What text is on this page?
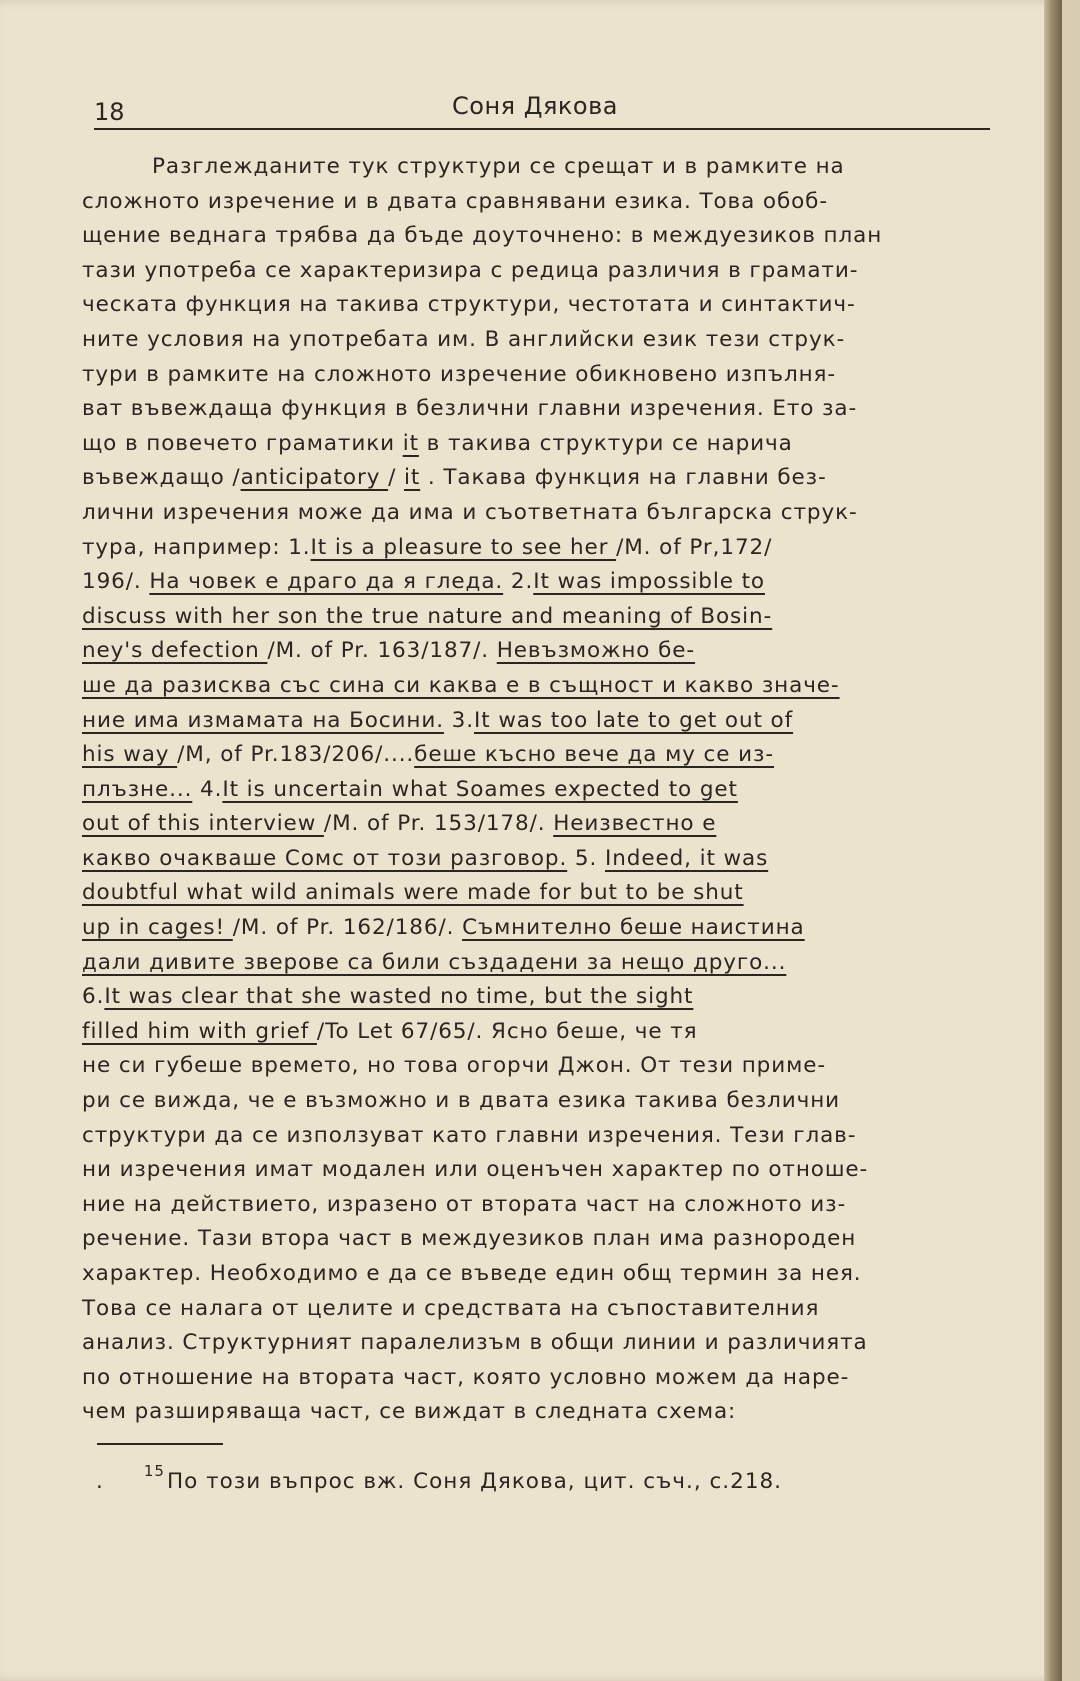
18	Соня Дякова
Разглежданите тук структури се срещат и в рамките на
сложното изречение и в двата сравнявани езика. Това обоб-
щение веднага трябва да бъде доуточнено: в междуезиков план
тази употреба се характеризира с редица различия в грамати-
ческата функция на такива структури, честотата и синтактич-
ните условия на употребата им. В английски език тези струк-
тури в рамките на сложното изречение обикновено изпълня-
ват въвеждаща функция в безлични главни изречения. Ето за-
що в повечето граматики it в такива структури се нарича
въвеждащо /anticipatory / it . Такава функция на главни без-
лични изречения може да има и съответната българска струк-
тура, например: 1.It is a pleasure to see her /M. of Pr,172/
196/. На човек е драго да я гледа. 2.It was impossible to
discuss with her son the true nature and meaning of Bosin-
ney's defection /M. of Pr. 163/187/. Невъзможно бе-
ше да разисква със сина си каква е в същност и какво значе-
ние има измамата на Босини. 3.It was too late to get out of
his way /M, of Pr.183/206/....беше късно вече да му се из-
плъзне... 4.It is uncertain what Soames expected to get
out of this interview /M. of Pr. 153/178/. Неизвестно е
какво очакваше Сомс от този разговор. 5. Indeed, it was
doubtful what wild animals were made for but to be shut
up in cages! /M. of Pr. 162/186/. Съмнително беше наистина
дали дивите зверове са били създадени за нещо друго...
6.It was clear that she wasted no time, but the sight
filled him with grief /To Let 67/65/. Ясно беше, че тя
не си губеше времето, но това огорчи Джон. От тези приме-
ри се вижда, че е възможно и в двата езика такива безлични
структури да се използуват като главни изречения. Тези глав-
ни изречения имат модален или оценъчен характер по отноше-
ние на действието, изразено от втората част на сложното из-
речение. Тази втора част в междуезиков план има разнороден
характер. Необходимо е да се въведе един общ термин за нея.
Това се налага от целите и средствата на съпоставителния
анализ. Структурният паралелизъм в общи линии и различията
по отношение на втората част, която условно можем да наре-
чем разширяваща част, се виждат в следната схема:
.	$^{15}$По този въпрос вж. Соня Дякова, цит. съч., с.218.
